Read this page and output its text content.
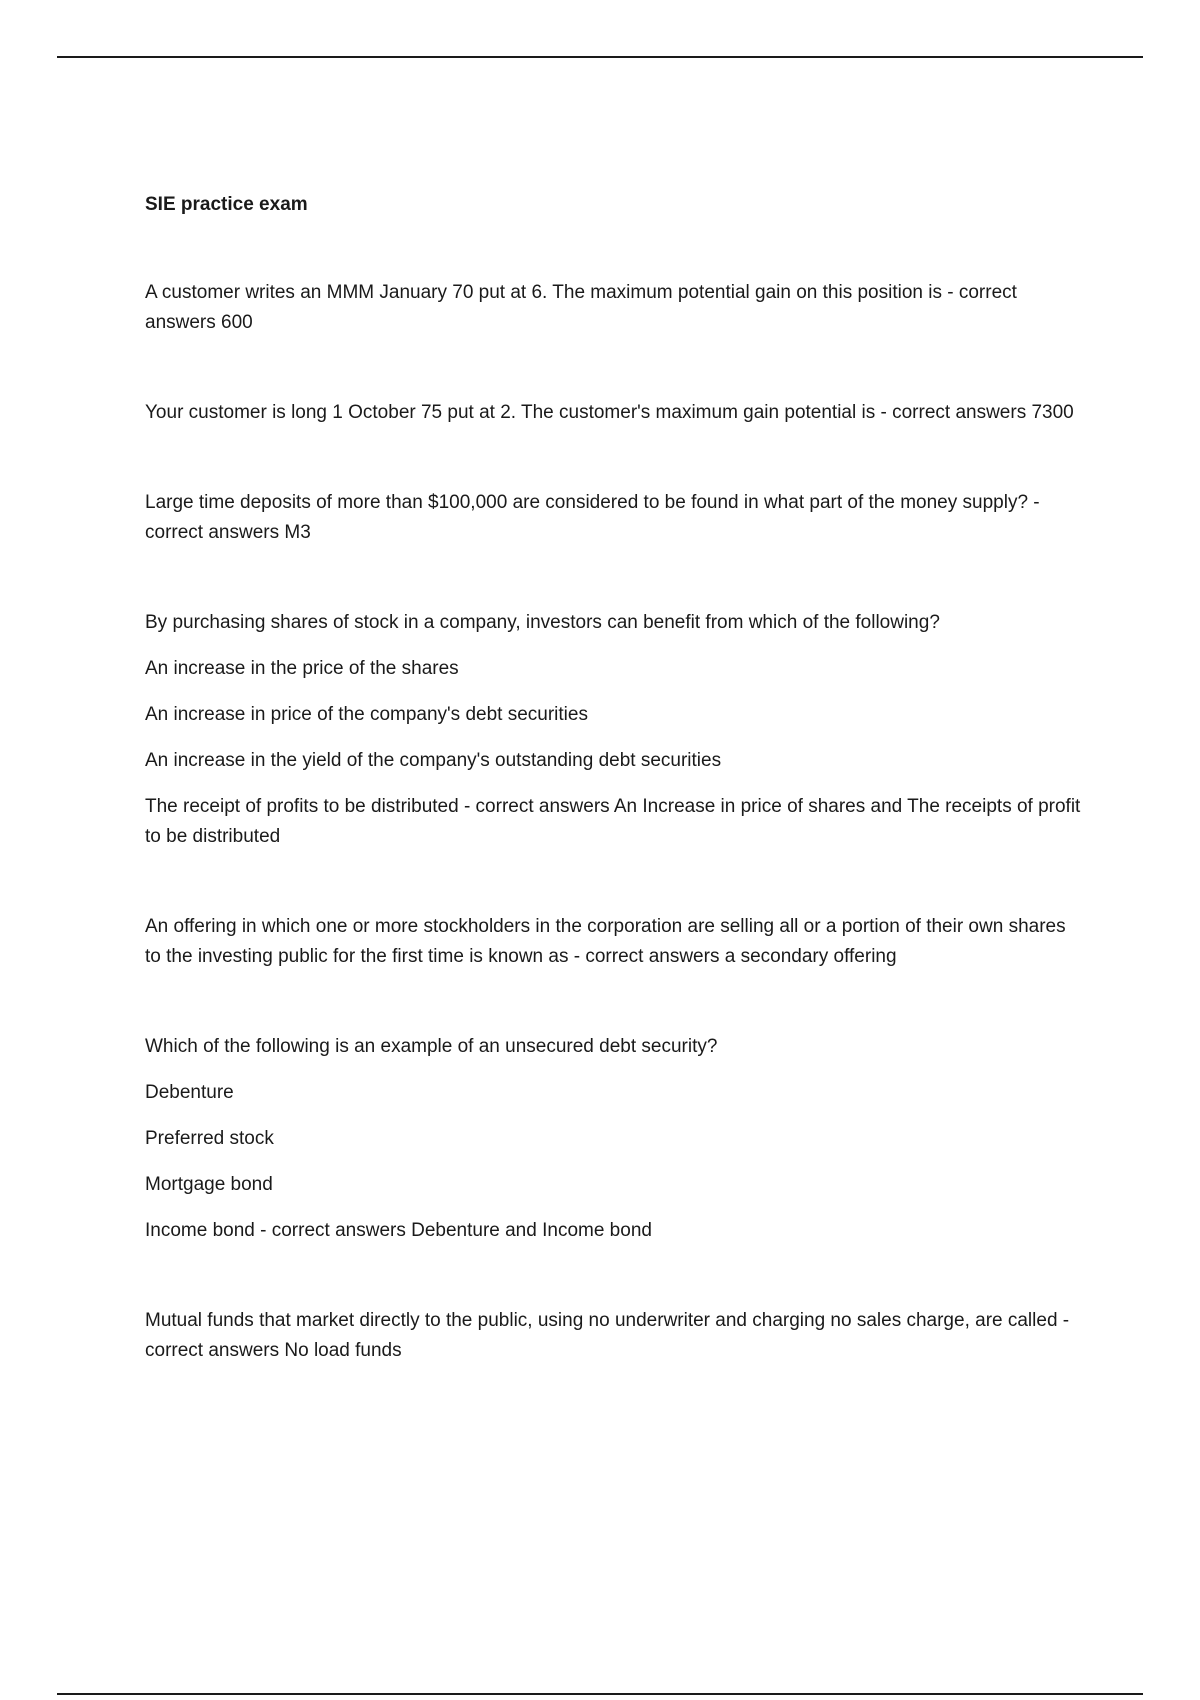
SIE practice exam

A customer writes an MMM January 70 put at 6. The maximum potential gain on this position is - correct answers 600

Your customer is long 1 October 75 put at 2. The customer's maximum gain potential is - correct answers 7300

Large time deposits of more than $100,000 are considered to be found in what part of the money supply? - correct answers M3

By purchasing shares of stock in a company, investors can benefit from which of the following?

An increase in the price of the shares

An increase in price of the company's debt securities

An increase in the yield of the company's outstanding debt securities

The receipt of profits to be distributed - correct answers An Increase in price of shares and The receipts of profit to be distributed

An offering in which one or more stockholders in the corporation are selling all or a portion of their own shares to the investing public for the first time is known as - correct answers a secondary offering

Which of the following is an example of an unsecured debt security?

Debenture

Preferred stock

Mortgage bond

Income bond - correct answers Debenture and Income bond

Mutual funds that market directly to the public, using no underwriter and charging no sales charge, are called - correct answers No load funds
